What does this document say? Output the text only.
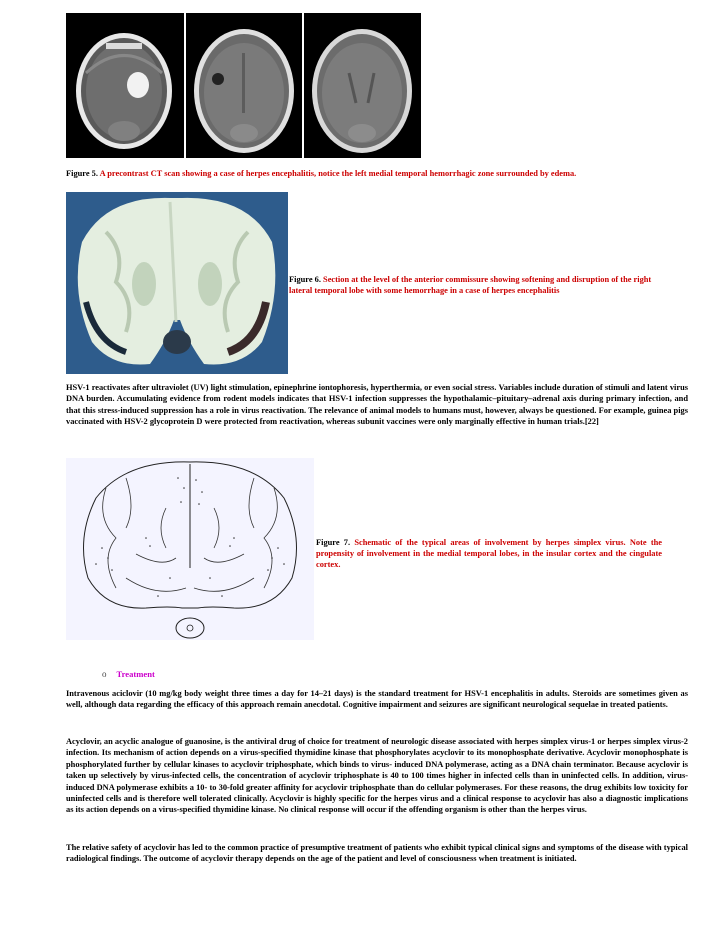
Figure 5. A precontrast CT scan showing a case of herpes encephalitis, notice the left medial temporal hemorrhagic zone surrounded by edema.
Figure 6. Section at the level of the anterior commissure showing softening and disruption of the right lateral temporal lobe with some hemorrhage in a case of herpes encephalitis

HSV-1 reactivates after ultraviolet (UV) light stimulation, epinephrine iontophoresis, hyperthermia, or even social stress. Variables include duration of stimuli and latent virus DNA burden. Accumulating evidence from rodent models indicates that HSV-1 infection suppresses the hypothalamic–pituitary–adrenal axis during primary infection, and that this stress-induced suppression has a role in virus reactivation. The relevance of animal models to humans must, however, always be questioned. For example, guinea pigs vaccinated with HSV-2 glycoprotein D were protected from reactivation, whereas subunit vaccines were only marginally effective in human trials.[22]

Figure 7. Schematic of the typical areas of involvement by herpes simplex virus. Note the propensity of involvement in the medial temporal lobes, in the insular cortex and the cingulate cortex.
o Treatment

Intravenous aciclovir (10 mg/kg body weight three times a day for 14–21 days) is the standard treatment for HSV-1 encephalitis in adults. Steroids are sometimes given as well, although data regarding the efficacy of this approach remain anecdotal. Cognitive impairment and seizures are significant neurological sequelae in treated patients.

Acyclovir, an acyclic analogue of guanosine, is the antiviral drug of choice for treatment of neurologic disease associated with herpes simplex virus-1 or herpes simplex virus-2 infection. Its mechanism of action depends on a virus-specified thymidine kinase that phosphorylates acyclovir to its monophosphate derivative. Acyclovir monophosphate is phosphorylated further by cellular kinases to acyclovir triphosphate, which binds to virus- induced DNA polymerase, acting as a DNA chain terminator. Because acyclovir is taken up selectively by virus-infected cells, the concentration of acyclovir triphosphate is 40 to 100 times higher in infected cells than in uninfected cells. In addition, virus-induced DNA polymerase exhibits a 10- to 30-fold greater affinity for acyclovir triphosphate than do cellular polymerases. For these reasons, the drug exhibits low toxicity for uninfected cells and is therefore well tolerated clinically. Acyclovir is highly specific for the herpes virus and a clinical response to acyclovir has also a diagnostic implications as its action depends on a virus-specified thymidine kinase. No clinical response will occur if the offending organism is other than the herpes virus.

The relative safety of acyclovir has led to the common practice of presumptive treatment of patients who exhibit typical clinical signs and symptoms of the disease with typical radiological findings. The outcome of acyclovir therapy depends on the age of the patient and level of consciousness when treatment is initiated.
